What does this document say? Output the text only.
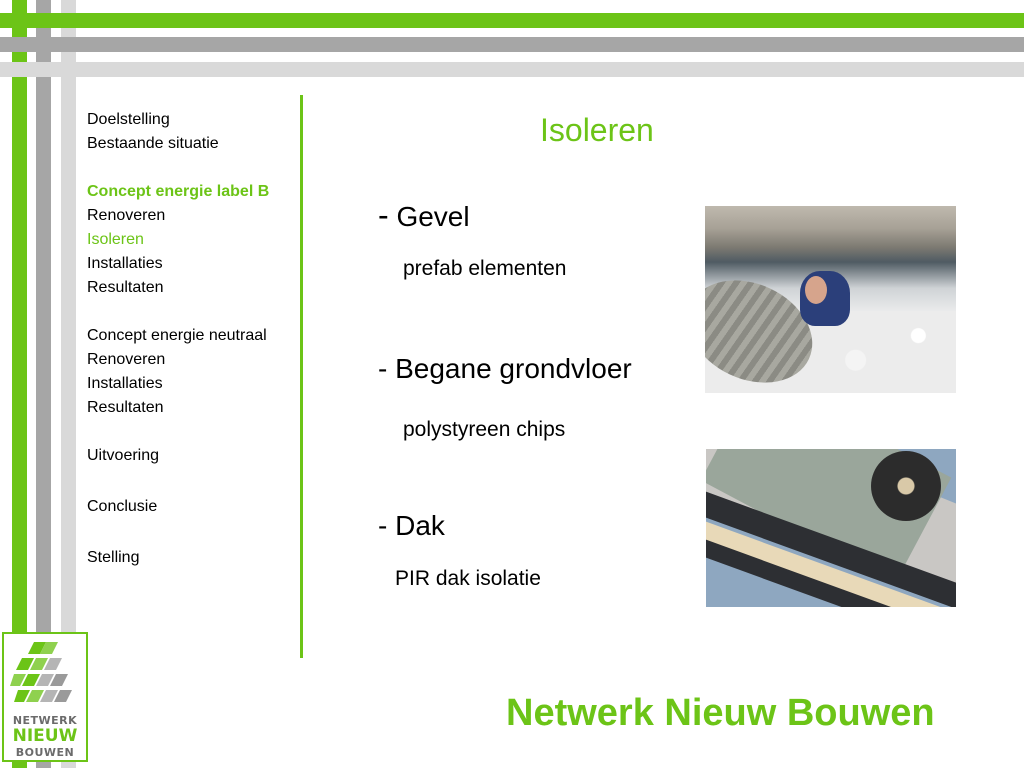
Doelstelling
Bestaande situatie
Concept energie label B
Renoveren
Isoleren
Installaties
Resultaten
Concept energie neutraal
Renoveren
Installaties
Resultaten
Uitvoering
Conclusie
Stelling
Isoleren
- Gevel
prefab elementen
- Begane grondvloer
polystyreen chips
- Dak
PIR dak isolatie
NETWERK
NIEUW
BOUWEN
Netwerk Nieuw Bouwen
